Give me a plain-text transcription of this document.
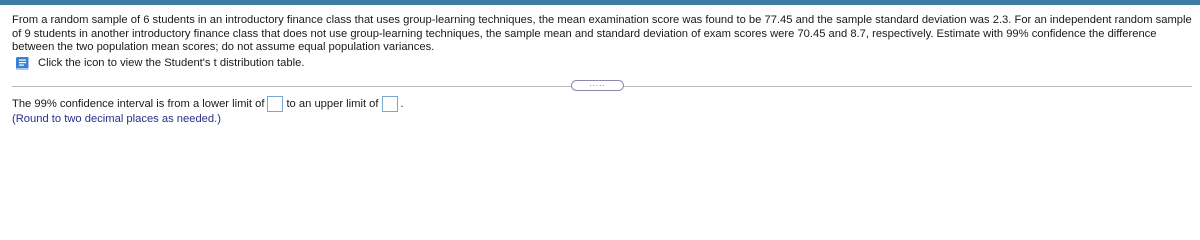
From a random sample of 6 students in an introductory finance class that uses group-learning techniques, the mean examination score was found to be 77.45 and the sample standard deviation was 2.3. For an independent random sample of 9 students in another introductory finance class that does not use group-learning techniques, the sample mean and standard deviation of exam scores were 70.45 and 8.7, respectively. Estimate with 99% confidence the difference between the two population mean scores; do not assume equal population variances.
Click the icon to view the Student's t distribution table.
.....
The 99% confidence interval is from a lower limit of to an upper limit of .
(Round to two decimal places as needed.)
